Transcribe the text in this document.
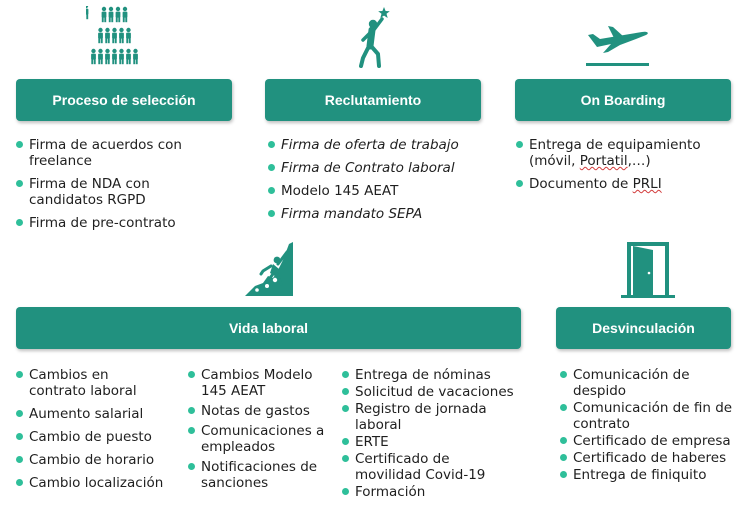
Proceso de selección	Reclutamiento	On Boarding
Vida laboral	Desvinculación
Firma de acuerdos con freelance
Firma de NDA con candidatos RGPD
Firma de pre-contrato
Firma de oferta de trabajo
Firma de Contrato laboral
Modelo 145 AEAT
Firma mandato SEPA
Entrega de equipamiento (móvil, Portatil,…)
Documento de PRLI
Cambios en contrato laboral
Aumento salarial
Cambio de puesto
Cambio de horario
Cambio localización
Cambios Modelo 145 AEAT
Notas de gastos
Comunicaciones a empleados
Notificaciones de sanciones
Entrega de nóminas
Solicitud de vacaciones
Registro de jornada laboral
ERTE
Certificado de movilidad Covid-19
Formación
Comunicación de despido
Comunicación de fin de contrato
Certificado de empresa
Certificado de haberes
Entrega de finiquito
